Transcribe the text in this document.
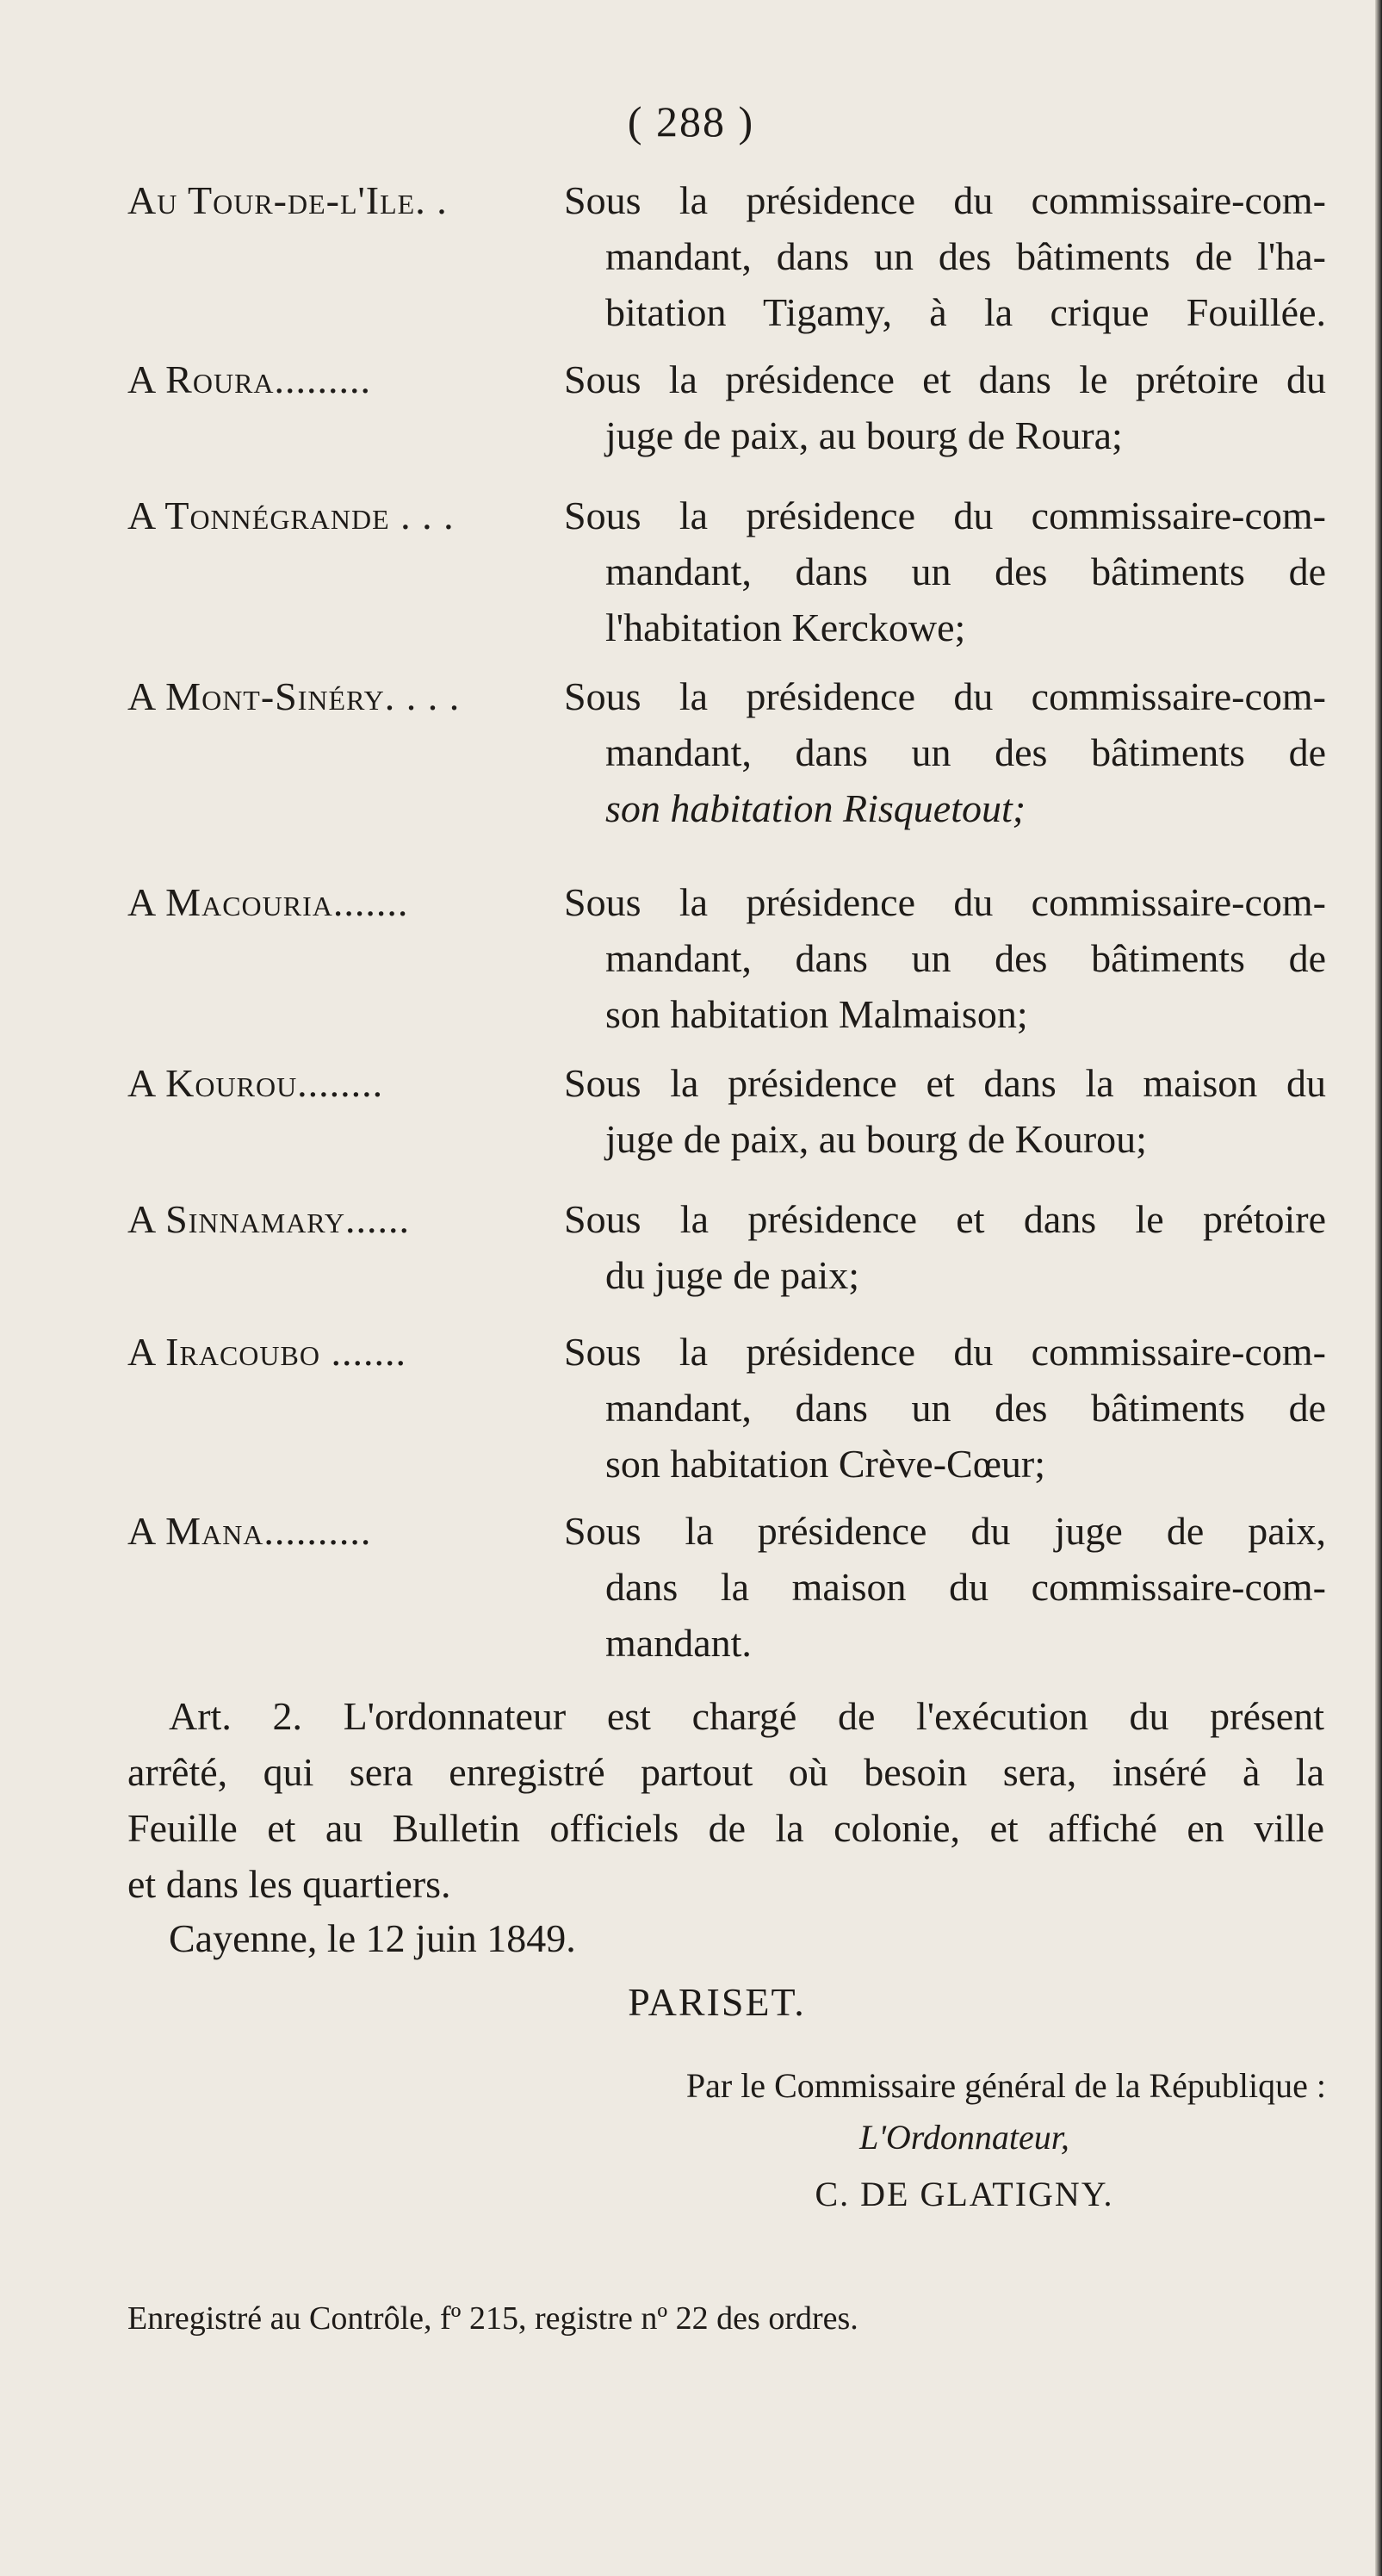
( 288 )
Au Tour-de-l'Ile. .	Sous la présidence du commissaire-com-

mandant, dans un des bâtiments de l'ha-

bitation Tigamy, à la crique Fouillée.

A Roura.........	Sous la présidence et dans le prétoire du

juge de paix, au bourg de Roura;

A Tonnégrande . . .	Sous la présidence du commissaire-com-

mandant, dans un des bâtiments de

l'habitation Kerckowe;

A Mont-Sinéry. . . .	Sous la présidence du commissaire-com-

mandant, dans un des bâtiments de

son habitation Risquetout;

A Macouria.......	Sous la présidence du commissaire-com-

mandant, dans un des bâtiments de

son habitation Malmaison;

A Kourou........	Sous la présidence et dans la maison du

juge de paix, au bourg de Kourou;

A Sinnamary......	Sous la présidence et dans le prétoire

du juge de paix;

A Iracoubo .......	Sous la présidence du commissaire-com-

mandant, dans un des bâtiments de

son habitation Crève-Cœur;

A Mana..........	Sous la présidence du juge de paix,

dans la maison du commissaire-com-

mandant.

Art. 2. L'ordonnateur est chargé de l'exécution du présent

arrêté, qui sera enregistré partout où besoin sera, inséré à la

Feuille et au Bulletin officiels de la colonie, et affiché en ville

et dans les quartiers.

Cayenne, le 12 juin 1849.
PARISET.
Par le Commissaire général de la République :
L'Ordonnateur,
C. DE GLATIGNY.
Enregistré au Contrôle, fº 215, registre nº 22 des ordres.
